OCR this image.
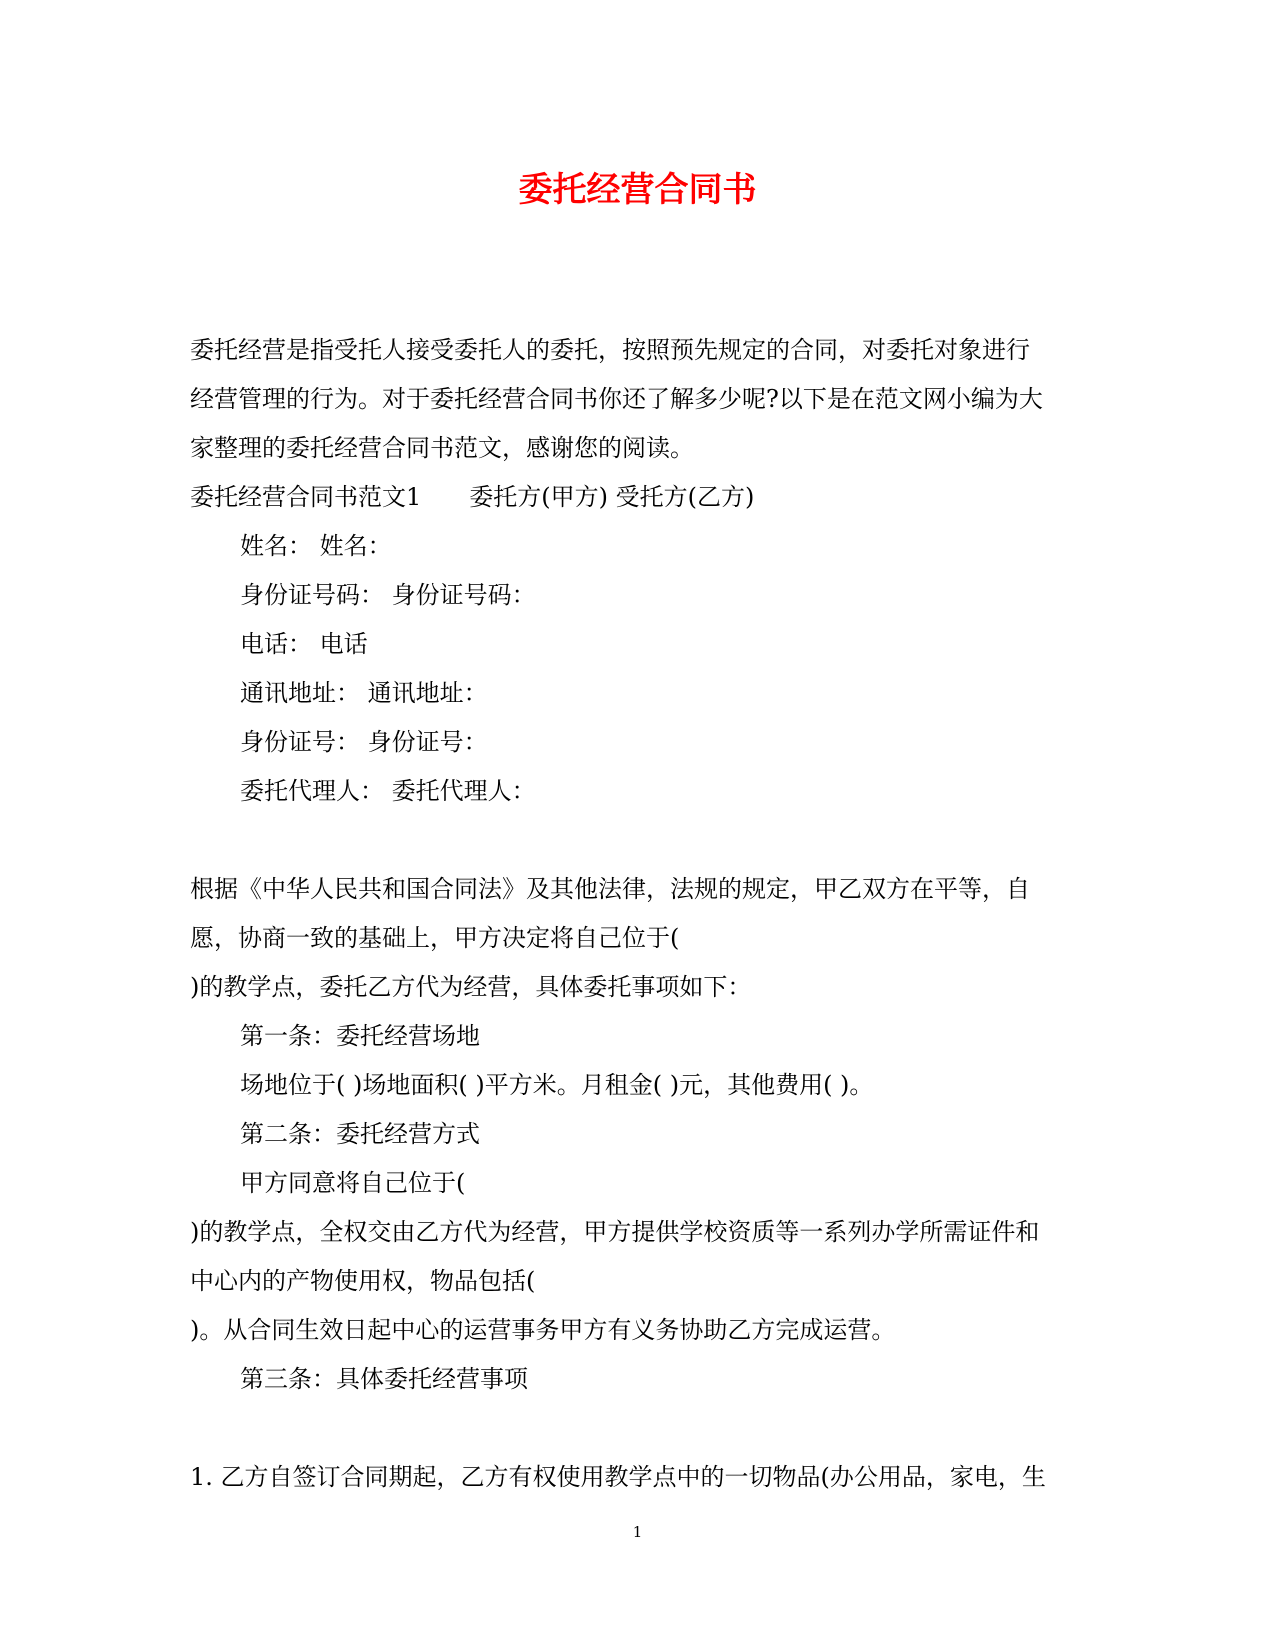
委托经营合同书
委托经营是指受托人接受委托人的委托，按照预先规定的合同，对委托对象进行
经营管理的行为。对于委托经营合同书你还了解多少呢?以下是在范文网小编为大
家整理的委托经营合同书范文，感谢您的阅读。
委托经营合同书范文1　　委托方(甲方) 受托方(乙方)
姓名： 姓名：
身份证号码： 身份证号码：
电话： 电话
通讯地址： 通讯地址：
身份证号： 身份证号：
委托代理人： 委托代理人：
根据《中华人民共和国合同法》及其他法律，法规的规定，甲乙双方在平等，自
愿，协商一致的基础上，甲方决定将自己位于(
)的教学点，委托乙方代为经营，具体委托事项如下：
第一条：委托经营场地
场地位于( )场地面积( )平方米。月租金( )元，其他费用( )。
第二条：委托经营方式
甲方同意将自己位于(
)的教学点，全权交由乙方代为经营，甲方提供学校资质等一系列办学所需证件和
中心内的产物使用权，物品包括(
)。从合同生效日起中心的运营事务甲方有义务协助乙方完成运营。
第三条：具体委托经营事项
1. 乙方自签订合同期起，乙方有权使用教学点中的一切物品(办公用品，家电，生
1
